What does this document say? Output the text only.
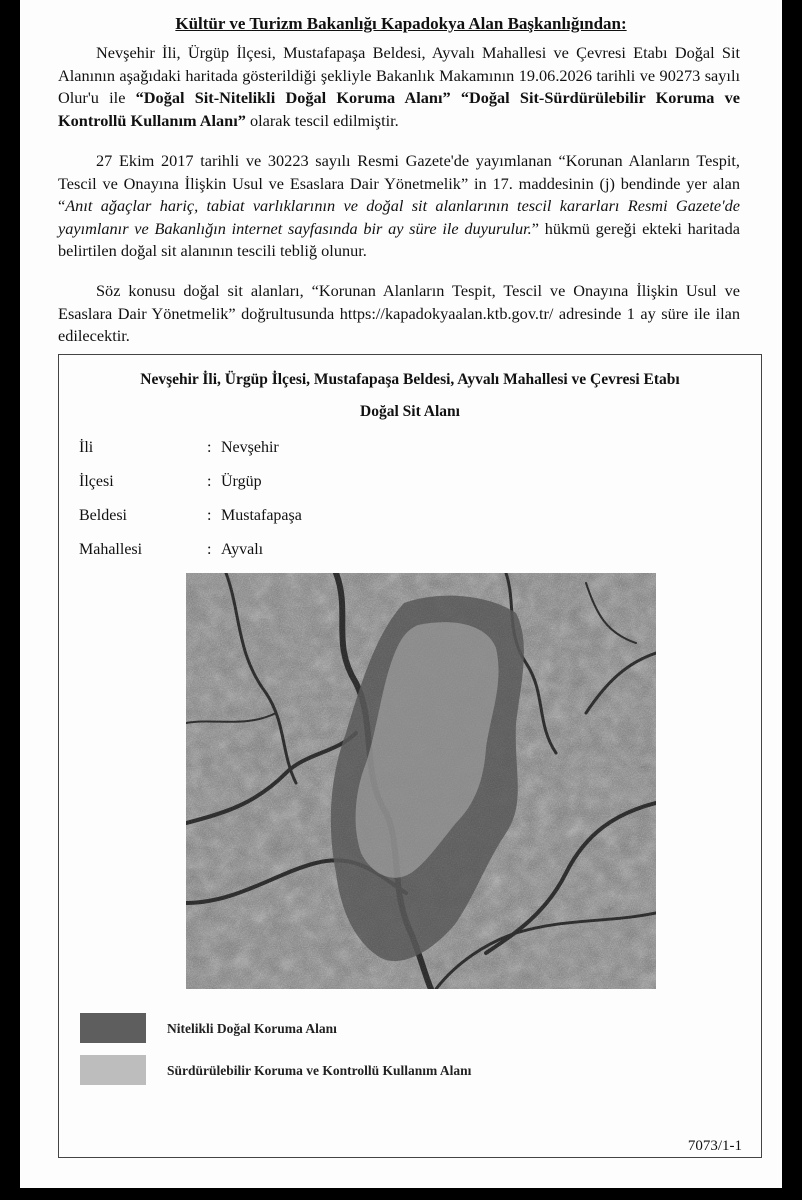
Kültür ve Turizm Bakanlığı Kapadokya Alan Başkanlığından:
Nevşehir İli, Ürgüp İlçesi, Mustafapaşa Beldesi, Ayvalı Mahallesi ve Çevresi Etabı Doğal Sit Alanının aşağıdaki haritada gösterildiği şekliyle Bakanlık Makamının 19.06.2026 tarihli ve 90273 sayılı Olur'u ile “Doğal Sit-Nitelikli Doğal Koruma Alanı” “Doğal Sit-Sürdürülebilir Koruma ve Kontrollü Kullanım Alanı” olarak tescil edilmiştir.
27 Ekim 2017 tarihli ve 30223 sayılı Resmi Gazete'de yayımlanan “Korunan Alanların Tespit, Tescil ve Onayına İlişkin Usul ve Esaslara Dair Yönetmelik” in 17. maddesinin (j) bendinde yer alan “Anıt ağaçlar hariç, tabiat varlıklarının ve doğal sit alanlarının tescil kararları Resmi Gazete'de yayımlanır ve Bakanlığın internet sayfasında bir ay süre ile duyurulur.” hükmü gereği ekteki haritada belirtilen doğal sit alanının tescili tebliğ olunur.
Söz konusu doğal sit alanları, “Korunan Alanların Tespit, Tescil ve Onayına İlişkin Usul ve Esaslara Dair Yönetmelik” doğrultusunda https://kapadokyaalan.ktb.gov.tr/ adresinde 1 ay süre ile ilan edilecektir.
Nevşehir İli, Ürgüp İlçesi, Mustafapaşa Beldesi, Ayvalı Mahallesi ve Çevresi Etabı
Doğal Sit Alanı
İli	: Nevşehir
İlçesi	: Ürgüp
Beldesi	: Mustafapaşa
Mahallesi	: Ayvalı
Nitelikli Doğal Koruma Alanı
Sürdürülebilir Koruma ve Kontrollü Kullanım Alanı
7073/1-1
